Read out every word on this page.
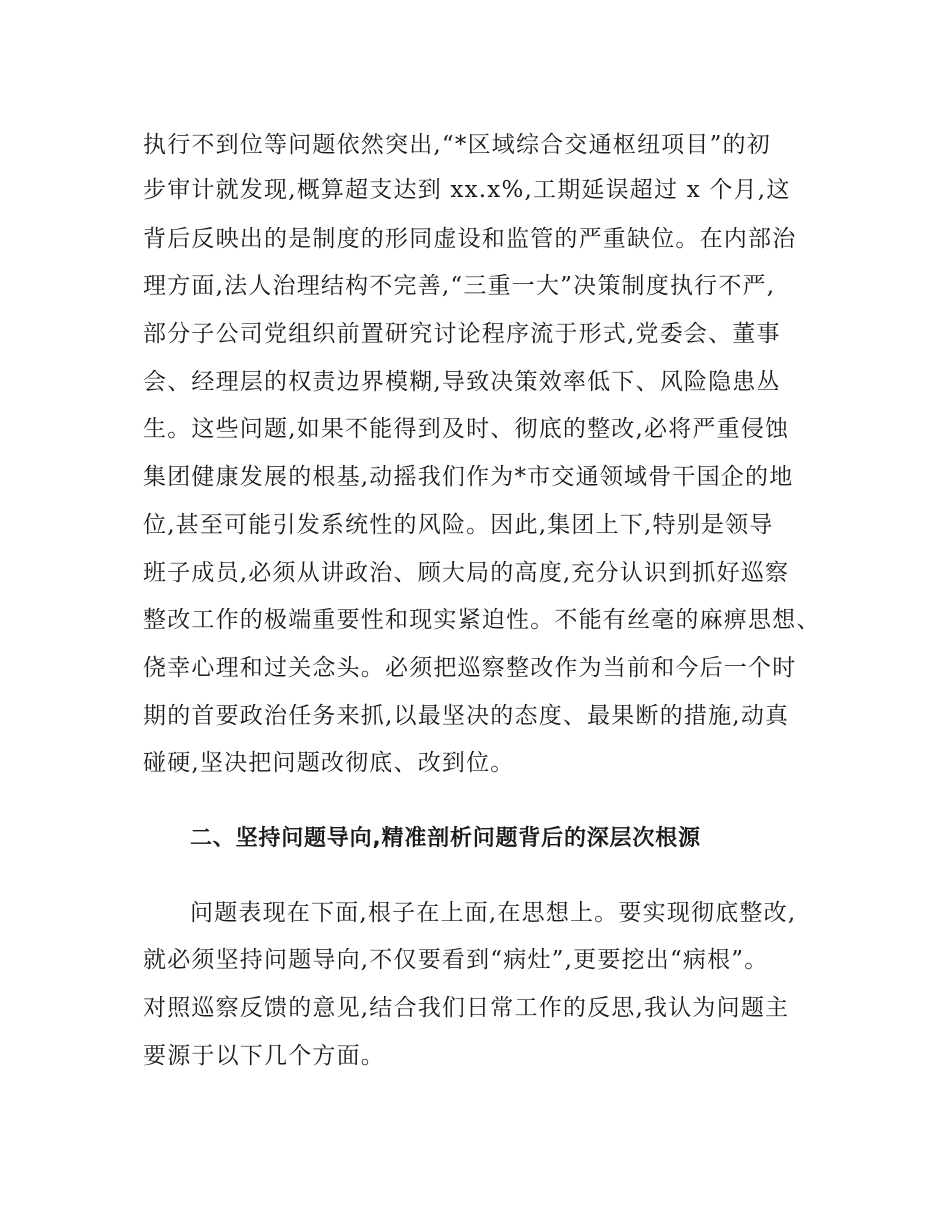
执行不到位等问题依然突出,“*区域综合交通枢纽项目”的初
步审计就发现,概算超支达到 xx.x%,工期延误超过 x 个月,这
背后反映出的是制度的形同虚设和监管的严重缺位。在内部治
理方面,法人治理结构不完善,“三重一大”决策制度执行不严,
部分子公司党组织前置研究讨论程序流于形式,党委会、董事
会、经理层的权责边界模糊,导致决策效率低下、风险隐患丛
生。这些问题,如果不能得到及时、彻底的整改,必将严重侵蚀
集团健康发展的根基,动摇我们作为*市交通领域骨干国企的地
位,甚至可能引发系统性的风险。因此,集团上下,特别是领导
班子成员,必须从讲政治、顾大局的高度,充分认识到抓好巡察
整改工作的极端重要性和现实紧迫性。不能有丝毫的麻痹思想、
侥幸心理和过关念头。必须把巡察整改作为当前和今后一个时
期的首要政治任务来抓,以最坚决的态度、最果断的措施,动真
碰硬,坚决把问题改彻底、改到位。
二、坚持问题导向,精准剖析问题背后的深层次根源
问题表现在下面,根子在上面,在思想上。要实现彻底整改,
就必须坚持问题导向,不仅要看到“病灶”,更要挖出“病根”。
对照巡察反馈的意见,结合我们日常工作的反思,我认为问题主
要源于以下几个方面。
